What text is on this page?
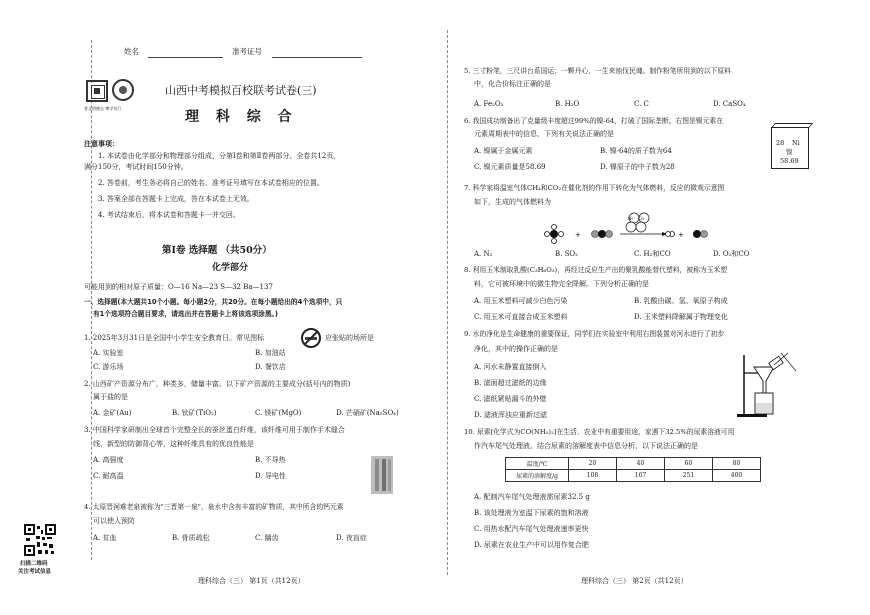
姓名	准考证号
育文明德志 博学笃行
山西中考模拟百校联考试卷(三)
理 科 综 合
注意事项：
1. 本试卷由化学部分和物理部分组成，分第Ⅰ卷和第Ⅱ卷两部分。全卷共12页，
满分150分，考试时间150分钟。
2. 答卷前，考生务必将自己的姓名、准考证号填写在本试卷相应的位置。
3. 答案全部在答题卡上完成，答在本试卷上无效。
4. 考试结束后，将本试卷和答题卡一并交回。
第Ⅰ卷 选择题 （共50分）
化学部分
可能用到的相对原子质量：O—16 Na—23 S—32 Ba—137
一、选择题(本大题共10个小题。每小题2分，共20分。在每小题给出的4个选项中，只
有1个选项符合题目要求，请选出并在答题卡上将该选项涂黑。)
1. 2025年3月31日是全国中小学生安全教育日。常见图标	应张贴的场所是
A. 实验室	B. 加油站
C. 游乐场	D. 餐饮店
2. 山西矿产资源分布广，种类多，储量丰富。以下矿产资源的主要成分(括号内的物质)
属于盐的是
A. 金矿(Au)	B. 钛矿(TiO₂)	C. 镁矿(MgO)	D. 芒硝矿(Na₂SO₄)
3. 中国科学家研制出全球首个完整全长的蚕丝蛋白纤维，该纤维可用于制作手术缝合
线、新型的防御背心等，这种纤维具有的优良性能是
A. 高强度	B. 不导热
C. 耐高温	D. 导电性
4. 太原晋祠难老泉被称为"三晋第一泉"，泉水中含有丰富的矿物质，其中所含的钙元素
可以使人预防
A. 贫血	B. 骨质疏松	C. 龋齿	D. 夜盲症
扫描二维码
关注考试信息
理科综合（三） 第1页（共12页）
5. 三寸粉笔，三尺讲台系国运；一颗丹心，一生来烛伐民魂。制作粉笔所用到的以下原料
中，化合价标注正确的是
A. Fe₂O₃	B. H₂O	C. C	D. CaSO₄
6. 我国成功制备出了克量级丰度超过99%的镍-64，打破了国际垄断。右图是镍元素在
元素周期表中的信息，下列有关说法正确的是
A. 镍属于金属元素	B. 镍-64的质子数为64
C. 镍元素质量是58.69	D. 镍原子的中子数为28
28 Ni
镍
58.69
7. 科学家将温室气体CH₄和CO₂在催化剂的作用下转化为气体燃料，反应的微观示意图
如下，生成的气体燃料为
+	+
Ni Co
A. N₂	B. SO₂	C. H₂和CO	D. O₂和CO
8. 利用玉米制取乳酸(C₃H₆O₃)，再经过反应生产出的聚乳酸能替代塑料，被称为玉米塑
料，它可被环境中的微生物完全降解。下列分析正确的是
A. 用玉米塑料可减少白色污染	B. 乳酸由碳、氢、氧原子构成
C. 用玉米可直接合成玉米塑料	D. 玉米塑料降解属于物理变化
9. 水的净化是生命健康的重要保证，同学们在实验室中利用右图装置对河水进行了初步
净化，其中的操作正确的是
A. 河水未静置直接倒入
B. 滤面超过滤纸的边缘
C. 滤纸紧贴漏斗的外壁
D. 滤液浑浊应重新过滤
10. 尿素[化学式为CO(NH₂)₂]在生活、农业中有重要用途，家遇下32.5%的尿素溶液可用
作汽车尾气处理液。结合尿素的溶解度表中信息分析，以下说法正确的是
温度/℃	20	40	60	80
尿素的溶解度/g	108	167	251	400
A. 配制汽车尾气处理液需尿素32.5 g
B. 该处理液为室温下尿素的饱和溶液
C. 用热水配汽车尾气处理液速率更快
D. 尿素在农业生产中可以用作复合肥
理科综合（三） 第2页（共12页）
